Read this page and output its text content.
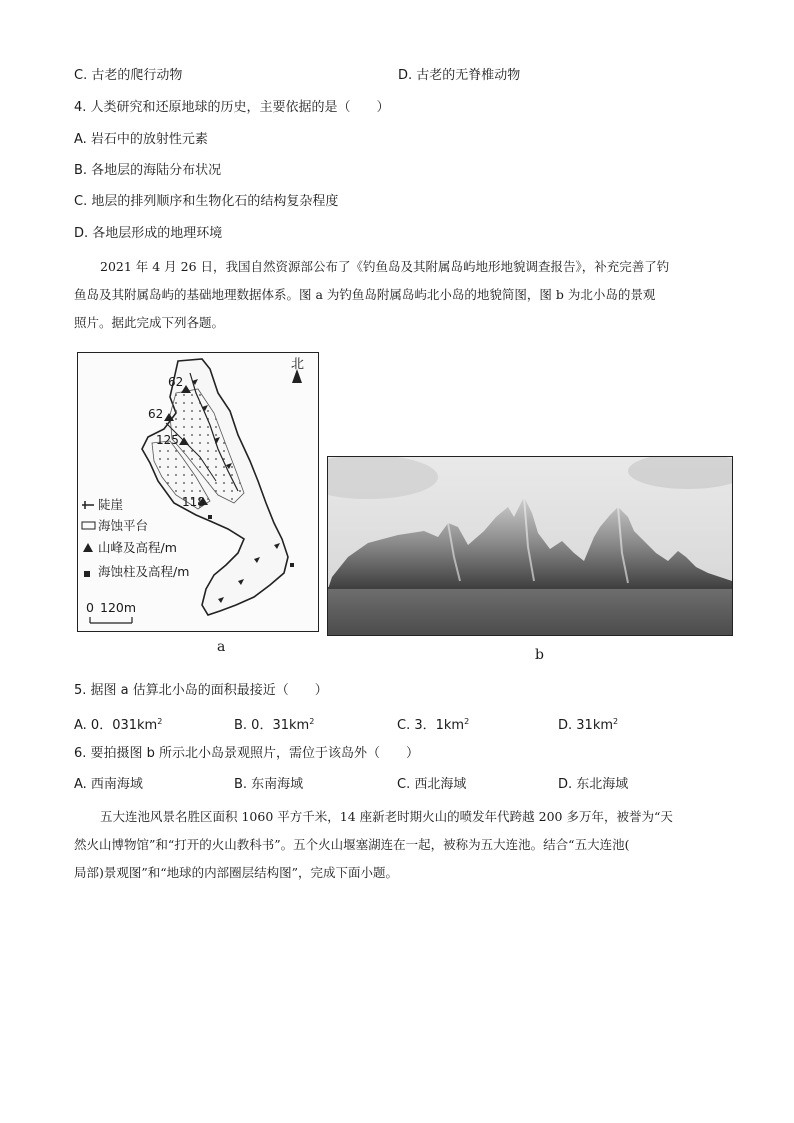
C. 古老的爬行动物	D. 古老的无脊椎动物
4. 人类研究和还原地球的历史，主要依据的是（　　）
A. 岩石中的放射性元素
B. 各地层的海陆分布状况
C. 地层的排列顺序和生物化石的结构复杂程度
D. 各地层形成的地理环境
2021 年 4 月 26 日，我国自然资源部公布了《钓鱼岛及其附属岛屿地形地貌调查报告》，补充完善了钓
鱼岛及其附属岛屿的基础地理数据体系。图 a 为钓鱼岛附属岛屿北小岛的地貌简图，图 b 为北小岛的景观
照片。据此完成下列各题。
北
62
62
125
118
陡崖
海蚀平台
山峰及高程/m
海蚀柱及高程/m
0 120m
a	b
5. 据图 a 估算北小岛的面积最接近（　　）
A. 0．$031km^2$	B. 0．$31km^2$	C. 3．$1km^2$	D. $31km^2$
6. 要拍摄图 b 所示北小岛景观照片，需位于该岛外（　　）
A. 西南海域	B. 东南海域	C. 西北海域	D. 东北海域
五大连池风景名胜区面积 1060 平方千米，14 座新老时期火山的喷发年代跨越 200 多万年，被誉为“天
然火山博物馆”和“打开的火山教科书”。五个火山堰塞湖连在一起，被称为五大连池。结合“五大连池(
局部)景观图”和“地球的内部圈层结构图”，完成下面小题。
